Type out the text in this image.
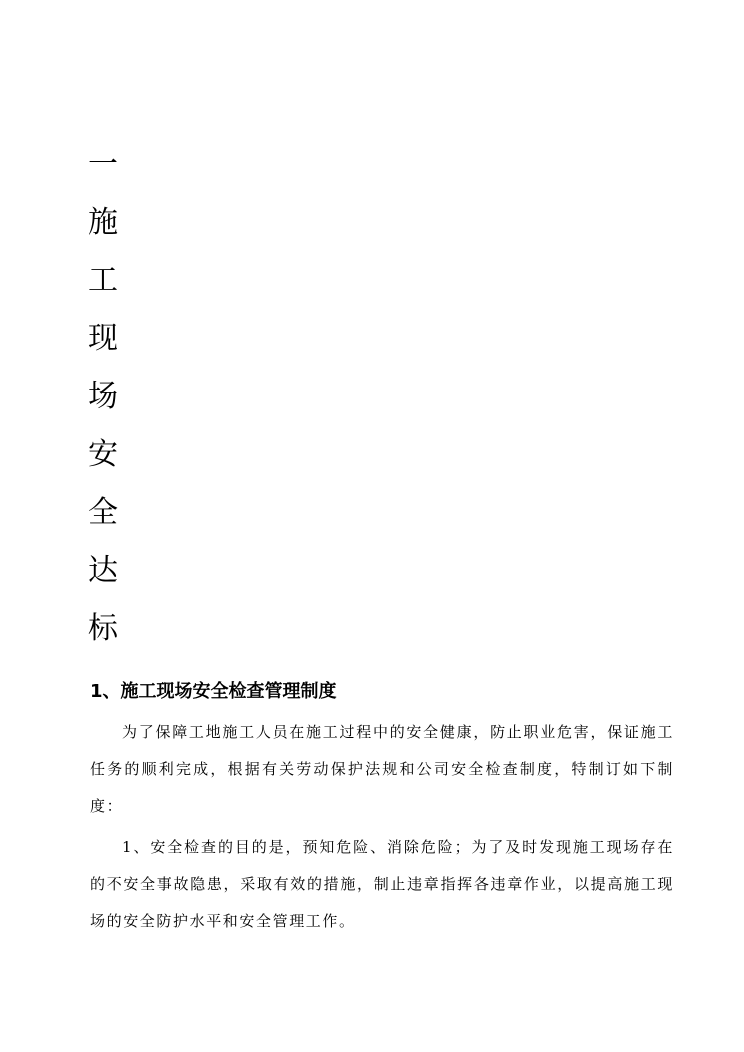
一
施
工
现
场
安
全
达
标
1、施工现场安全检查管理制度

为了保障工地施工人员在施工过程中的安全健康，防止职业危害，保证施工任务的顺利完成，根据有关劳动保护法规和公司安全检查制度，特制订如下制度：

1、安全检查的目的是，预知危险、消除危险；为了及时发现施工现场存在的不安全事故隐患，采取有效的措施，制止违章指挥各违章作业，以提高施工现场的安全防护水平和安全管理工作。
